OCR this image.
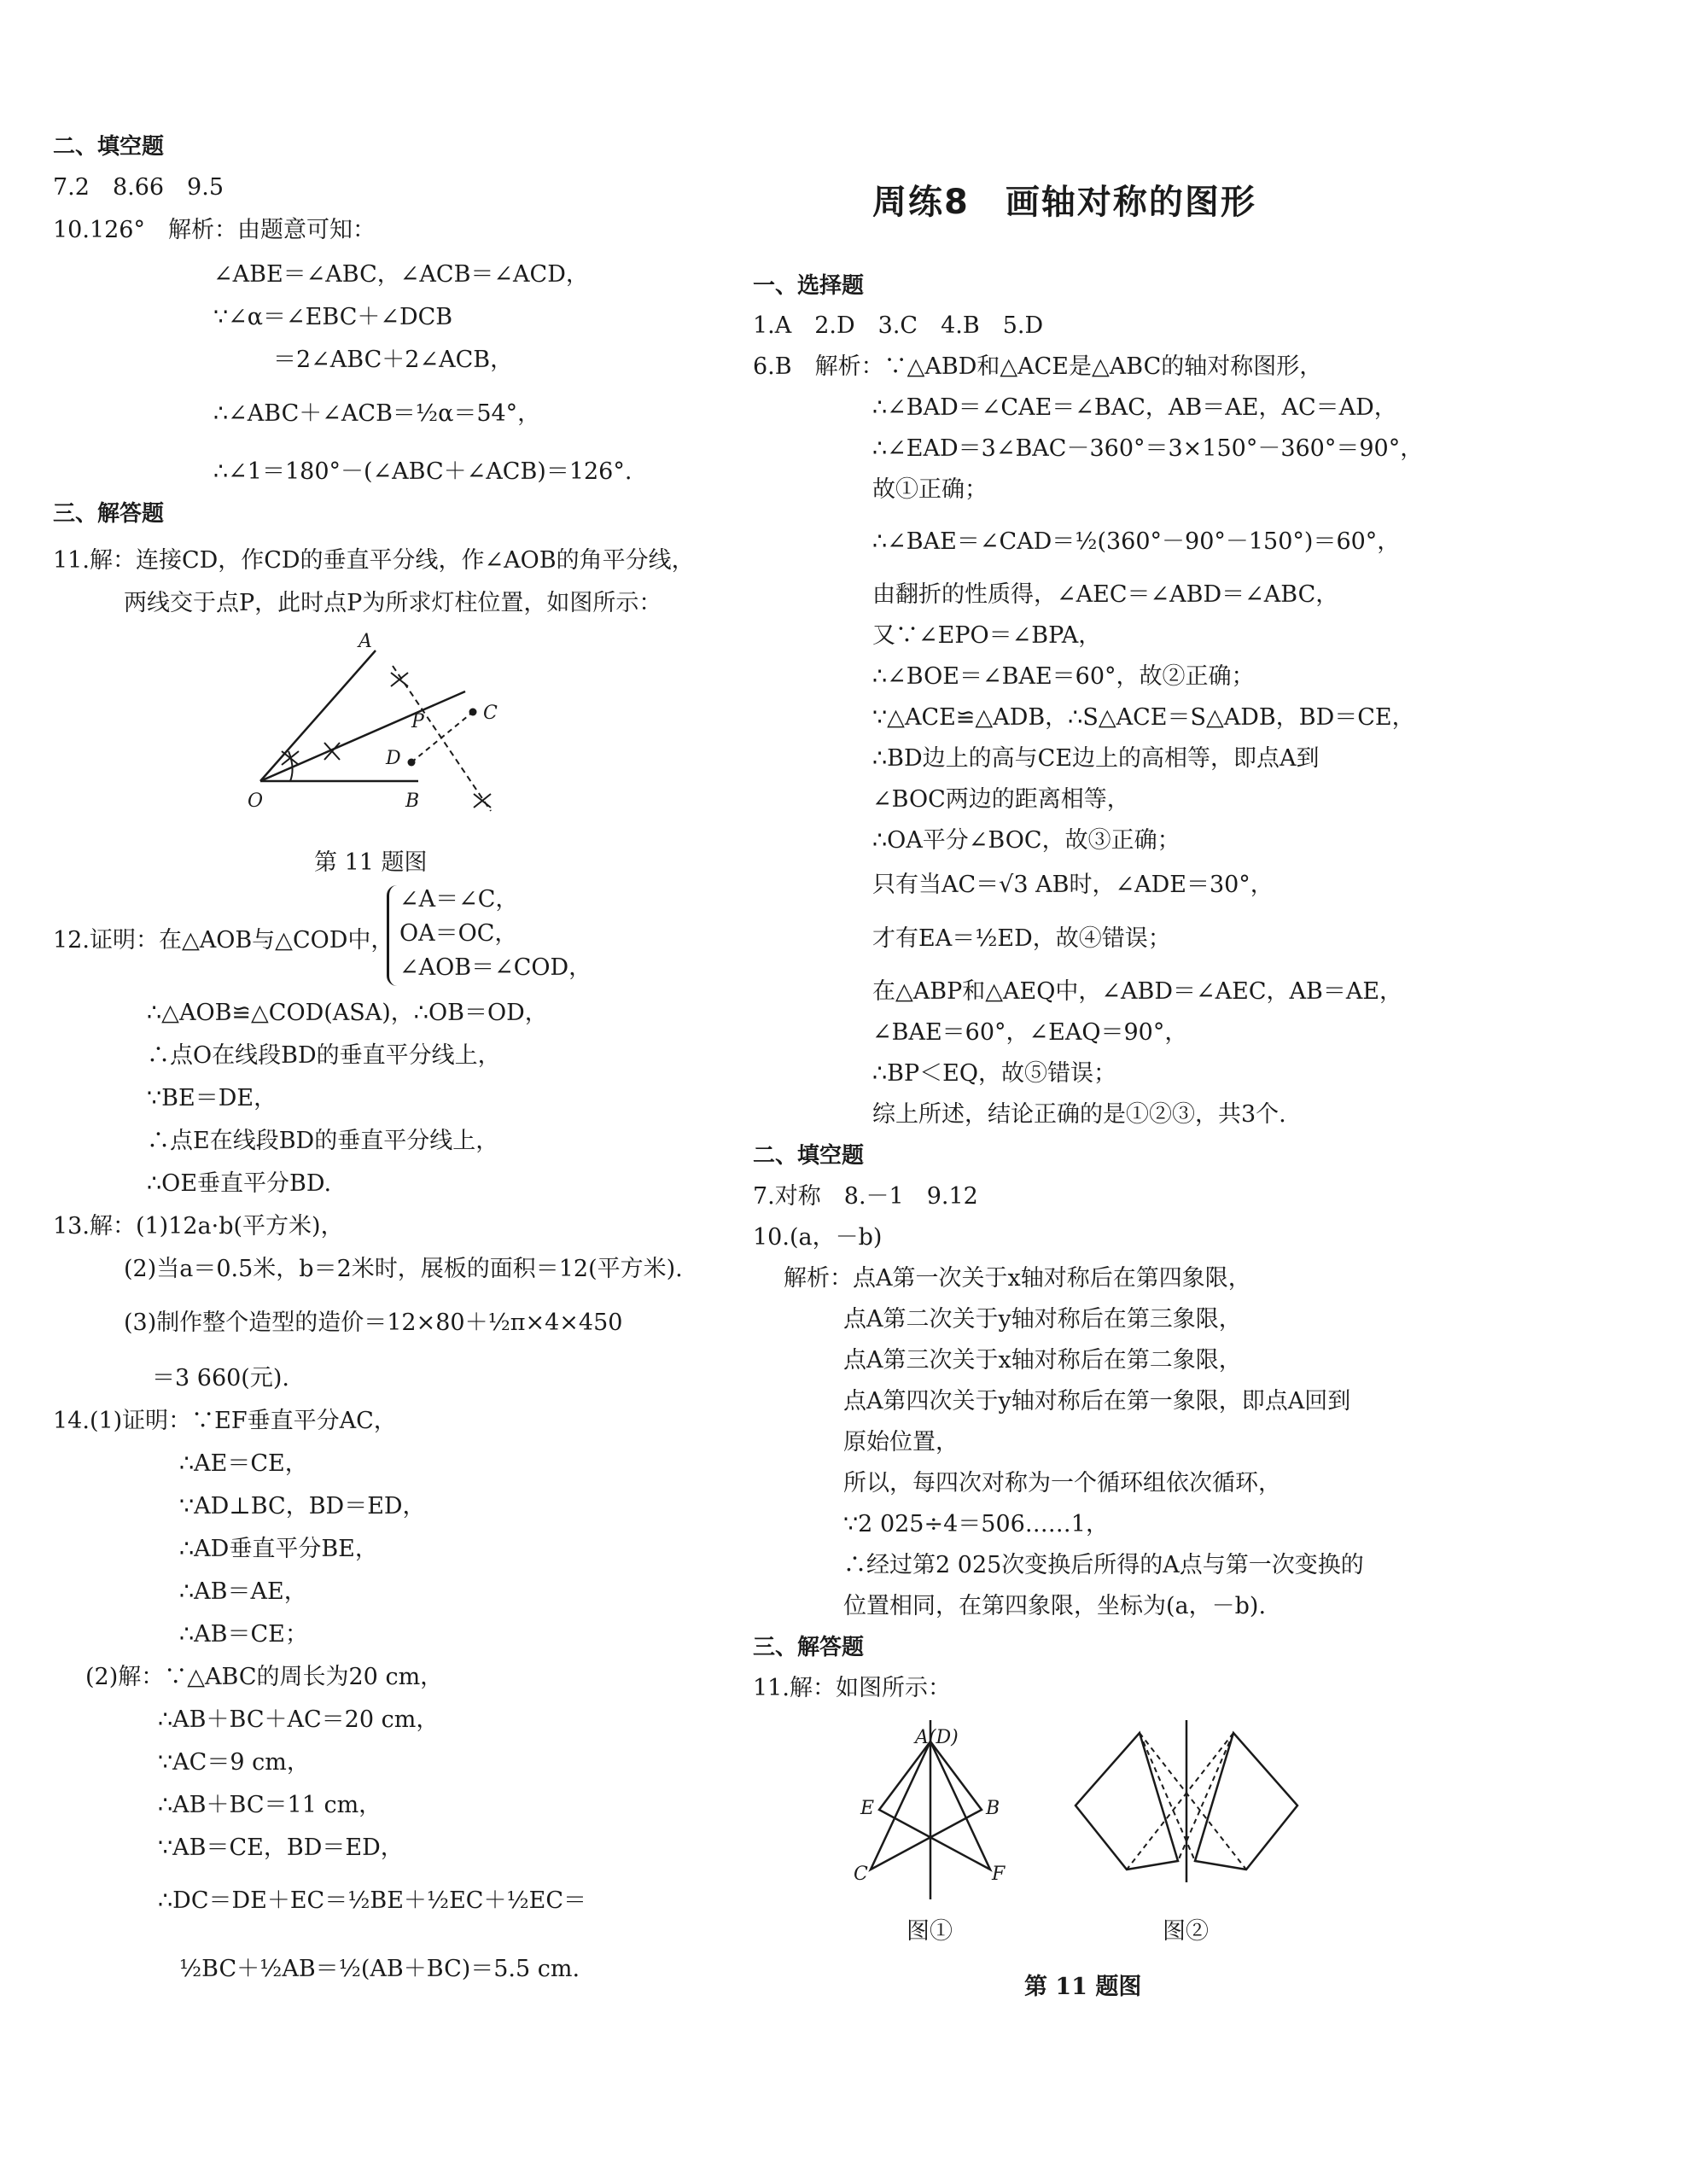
二、填空题
7.2　8.66　9.5
10.126°　解析：由题意可知：
∠ABE＝∠ABC，∠ACB＝∠ACD，
∵∠α＝∠EBC＋∠DCB
＝2∠ABC＋2∠ACB，
∴∠ABC＋∠ACB＝½α＝54°，
∴∠1＝180°－(∠ABC＋∠ACB)＝126°.
三、解答题
11.解：连接CD，作CD的垂直平分线，作∠AOB的角平分线，
两线交于点P，此时点P为所求灯柱位置，如图所示：
A
O	B
P	C
D
第 11 题图
12.证明：在△AOB与△COD中，
∠A＝∠C，
OA＝OC，
∠AOB＝∠COD，
∴△AOB≌△COD(ASA)，∴OB＝OD，
∴点O在线段BD的垂直平分线上，
∵BE＝DE，
∴点E在线段BD的垂直平分线上，
∴OE垂直平分BD.
13.解：(1)12a·b(平方米)，
(2)当a＝0.5米，b＝2米时，展板的面积＝12(平方米).
(3)制作整个造型的造价＝12×80＋½π×4×450
＝3 660(元).
14.(1)证明：∵EF垂直平分AC，
∴AE＝CE，
∵AD⊥BC，BD＝ED，
∴AD垂直平分BE，
∴AB＝AE，
∴AB＝CE；
(2)解：∵△ABC的周长为20 cm，
∴AB＋BC＋AC＝20 cm，
∵AC＝9 cm，
∴AB＋BC＝11 cm，
∵AB＝CE，BD＝ED，
∴DC＝DE＋EC＝½BE＋½EC＋½EC＝
½BC＋½AB＝½(AB＋BC)＝5.5 cm.
周练8　画轴对称的图形
一、选择题
1.A　2.D　3.C　4.B　5.D
6.B　解析：∵△ABD和△ACE是△ABC的轴对称图形，
∴∠BAD＝∠CAE＝∠BAC，AB＝AE，AC＝AD，
∴∠EAD＝3∠BAC－360°＝3×150°－360°＝90°，
故①正确；
∴∠BAE＝∠CAD＝½(360°－90°－150°)＝60°，
由翻折的性质得，∠AEC＝∠ABD＝∠ABC，
又∵∠EPO＝∠BPA，
∴∠BOE＝∠BAE＝60°，故②正确；
∵△ACE≌△ADB，∴S△ACE＝S△ADB，BD＝CE，
∴BD边上的高与CE边上的高相等，即点A到
∠BOC两边的距离相等，
∴OA平分∠BOC，故③正确；
只有当AC＝√3 AB时，∠ADE＝30°，
才有EA＝½ED，故④错误；
在△ABP和△AEQ中，∠ABD＝∠AEC，AB＝AE，
∠BAE＝60°，∠EAQ＝90°，
∴BP＜EQ，故⑤错误；
综上所述，结论正确的是①②③，共3个.
二、填空题
7.对称　8.－1　9.12
10.(a，－b)
解析：点A第一次关于x轴对称后在第四象限，
点A第二次关于y轴对称后在第三象限，
点A第三次关于x轴对称后在第二象限，
点A第四次关于y轴对称后在第一象限，即点A回到
原始位置，
所以，每四次对称为一个循环组依次循环，
∵2 025÷4＝506……1，
∴经过第2 025次变换后所得的A点与第一次变换的
位置相同，在第四象限，坐标为(a，－b).
三、解答题
11.解：如图所示：
A(D)
E	B
C	F
图①	图②
第 11 题图
